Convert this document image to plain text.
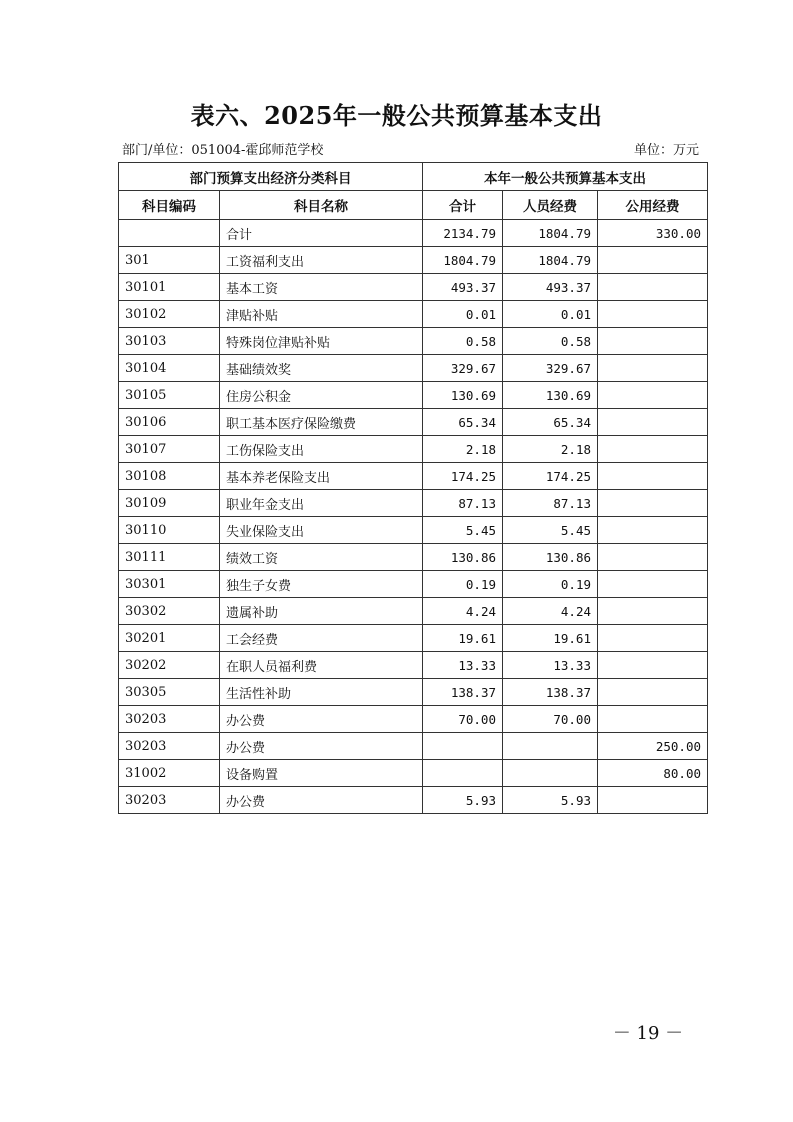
表六、2025年一般公共预算基本支出
部门/单位：051004-霍邱师范学校	单位：万元
部门预算支出经济分类科目		本年一般公共预算基本支出		
科目编码	科目名称	合计	人员经费	公用经费
	合计	2134.79	1804.79	330.00
301	工资福利支出	1804.79	1804.79	
30101	基本工资	493.37	493.37	
30102	津贴补贴	0.01	0.01	
30103	特殊岗位津贴补贴	0.58	0.58	
30104	基础绩效奖	329.67	329.67	
30105	住房公积金	130.69	130.69	
30106	职工基本医疗保险缴费	65.34	65.34	
30107	工伤保险支出	2.18	2.18	
30108	基本养老保险支出	174.25	174.25	
30109	职业年金支出	87.13	87.13	
30110	失业保险支出	5.45	5.45	
30111	绩效工资	130.86	130.86	
30301	独生子女费	0.19	0.19	
30302	遗属补助	4.24	4.24	
30201	工会经费	19.61	19.61	
30202	在职人员福利费	13.33	13.33	
30305	生活性补助	138.37	138.37	
30203	办公费	70.00	70.00	
30203	办公费			250.00
31002	设备购置			80.00
30203	办公费	5.93	5.93	
－ 19 －
